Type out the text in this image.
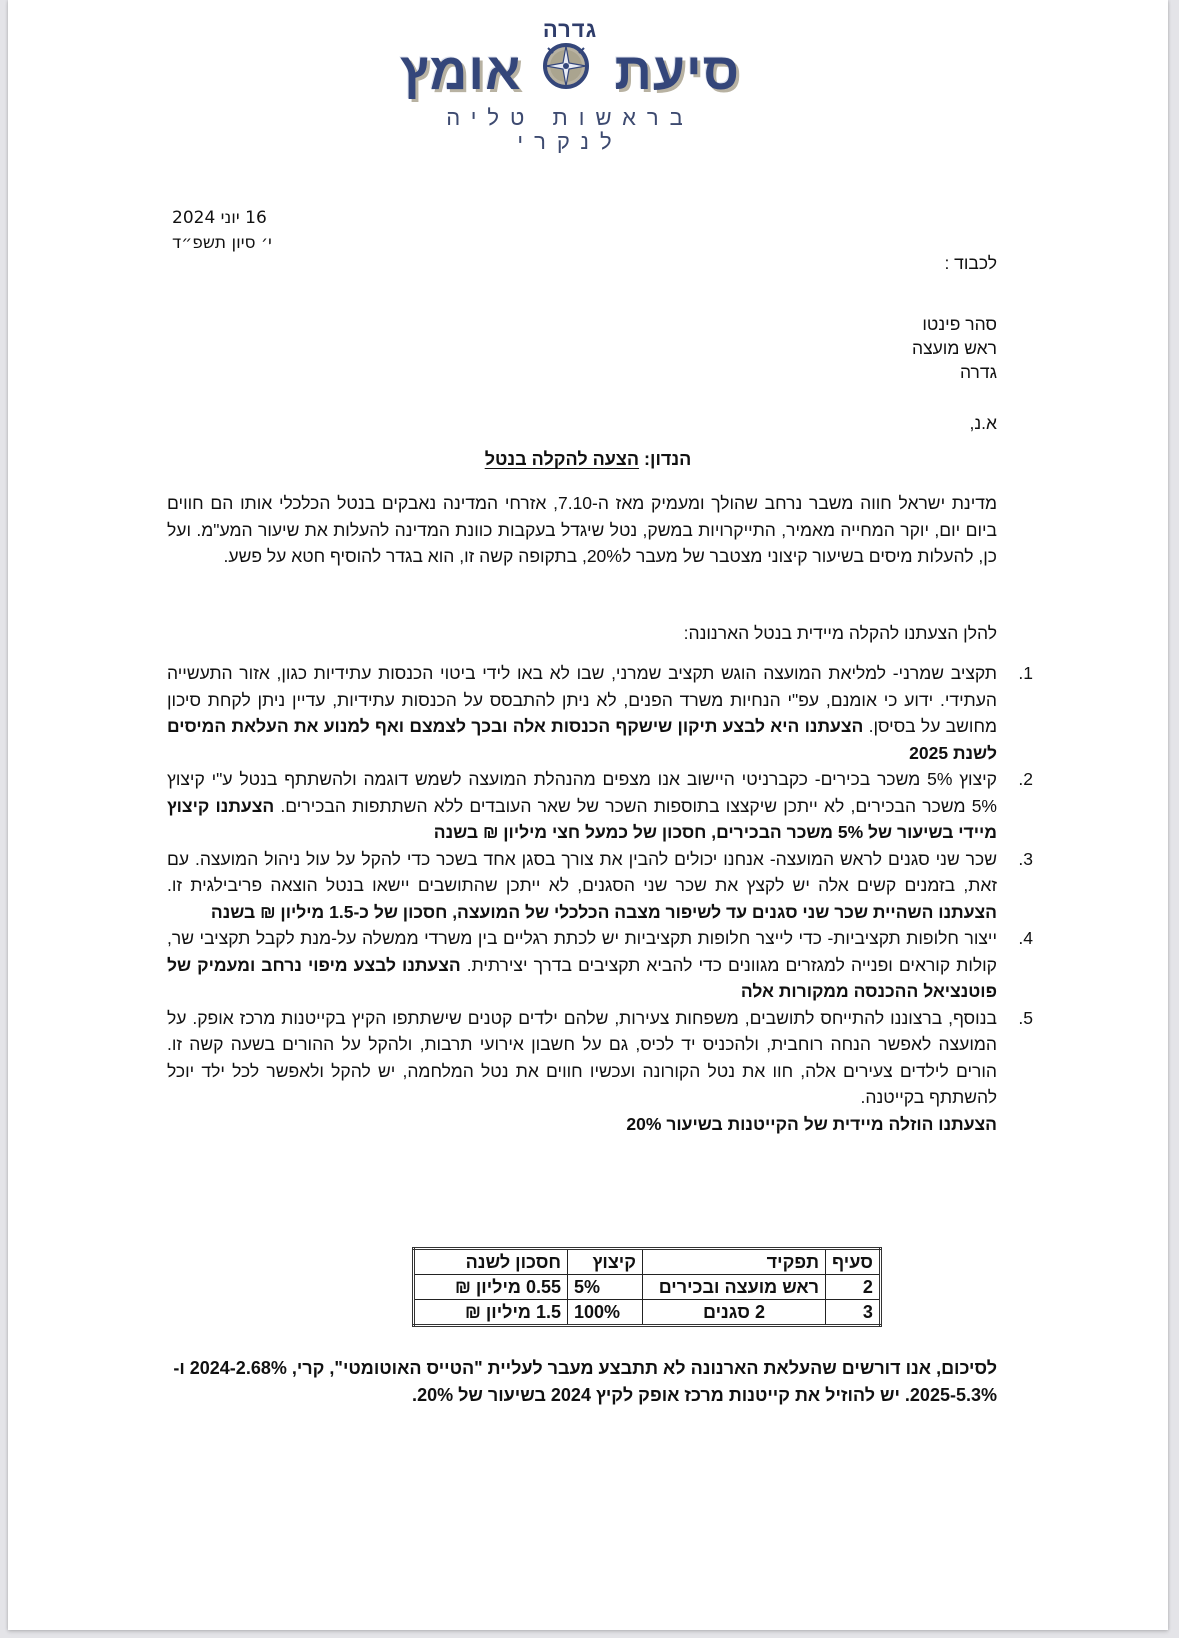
גדרה
סיעת
אומץ
בראשות טליה לנקרי
16 יוני 2024
י׳ סיון תשפ״ד
לכבוד :
סהר פינטו
ראש מועצה
גדרה
א.נ,
הנדון: הצעה להקלה בנטל
מדינת ישראל חווה משבר נרחב שהולך ומעמיק מאז ה-7.10, אזרחי המדינה נאבקים בנטל הכלכלי אותו הם חווים ביום יום, יוקר המחייה מאמיר, התייקרויות במשק, נטל שיגדל בעקבות כוונת המדינה להעלות את שיעור המע"מ. ועל כן, להעלות מיסים בשיעור קיצוני מצטבר של מעבר ל20%, בתקופה קשה זו, הוא בגדר להוסיף חטא על פשע.
להלן הצעתנו להקלה מיידית בנטל הארנונה:
1.
תקציב שמרני- למליאת המועצה הוגש תקציב שמרני, שבו לא באו לידי ביטוי הכנסות עתידיות כגון, אזור התעשייה העתידי. ידוע כי אומנם, עפ"י הנחיות משרד הפנים, לא ניתן להתבסס על הכנסות עתידיות, עדיין ניתן לקחת סיכון מחושב על בסיסן. הצעתנו היא לבצע תיקון שישקף הכנסות אלה ובכך לצמצם ואף למנוע את העלאת המיסים לשנת 2025
2.
קיצוץ 5% משכר בכירים- כקברניטי היישוב אנו מצפים מהנהלת המועצה לשמש דוגמה ולהשתתף בנטל ע"י קיצוץ 5% משכר הבכירים, לא ייתכן שיקצצו בתוספות השכר של שאר העובדים ללא השתתפות הבכירים. הצעתנו קיצוץ מיידי בשיעור של 5% משכר הבכירים, חסכון של כמעל חצי מיליון ₪ בשנה
3.
שכר שני סגנים לראש המועצה- אנחנו יכולים להבין את צורך בסגן אחד בשכר כדי להקל על עול ניהול המועצה. עם זאת, בזמנים קשים אלה יש לקצץ את שכר שני הסגנים, לא ייתכן שהתושבים יישאו בנטל הוצאה פריבילגית זו. הצעתנו השהיית שכר שני סגנים עד לשיפור מצבה הכלכלי של המועצה, חסכון של כ-1.5 מיליון ₪ בשנה
4.
ייצור חלופות תקציביות- כדי לייצר חלופות תקציביות יש לכתת רגליים בין משרדי ממשלה על-מנת לקבל תקציבי שר, קולות קוראים ופנייה למגזרים מגוונים כדי להביא תקציבים בדרך יצירתית. הצעתנו לבצע מיפוי נרחב ומעמיק של פוטנציאל ההכנסה ממקורות אלה
5.
בנוסף, ברצוננו להתייחס לתושבים, משפחות צעירות, שלהם ילדים קטנים שישתתפו הקיץ בקייטנות מרכז אופק. על המועצה לאפשר הנחה רוחבית, ולהכניס יד לכיס, גם על חשבון אירועי תרבות, ולהקל על ההורים בשעה קשה זו. הורים לילדים צעירים אלה, חוו את נטל הקורונה ועכשיו חווים את נטל המלחמה, יש להקל ולאפשר לכל ילד יוכל להשתתף בקייטנה.
הצעתנו הוזלה מיידית של הקייטנות בשיעור 20%
סעיף	תפקיד	קיצוץ	חסכון לשנה
2	ראש מועצה ובכירים	5%	0.55 מיליון ₪
3	2 סגנים	100%	1.5 מיליון ₪
לסיכום, אנו דורשים שהעלאת הארנונה לא תתבצע מעבר לעליית "הטייס האוטומטי", קרי, 2024-2.68% ו- 2025-5.3%. יש להוזיל את קייטנות מרכז אופק לקיץ 2024 בשיעור של 20%.
